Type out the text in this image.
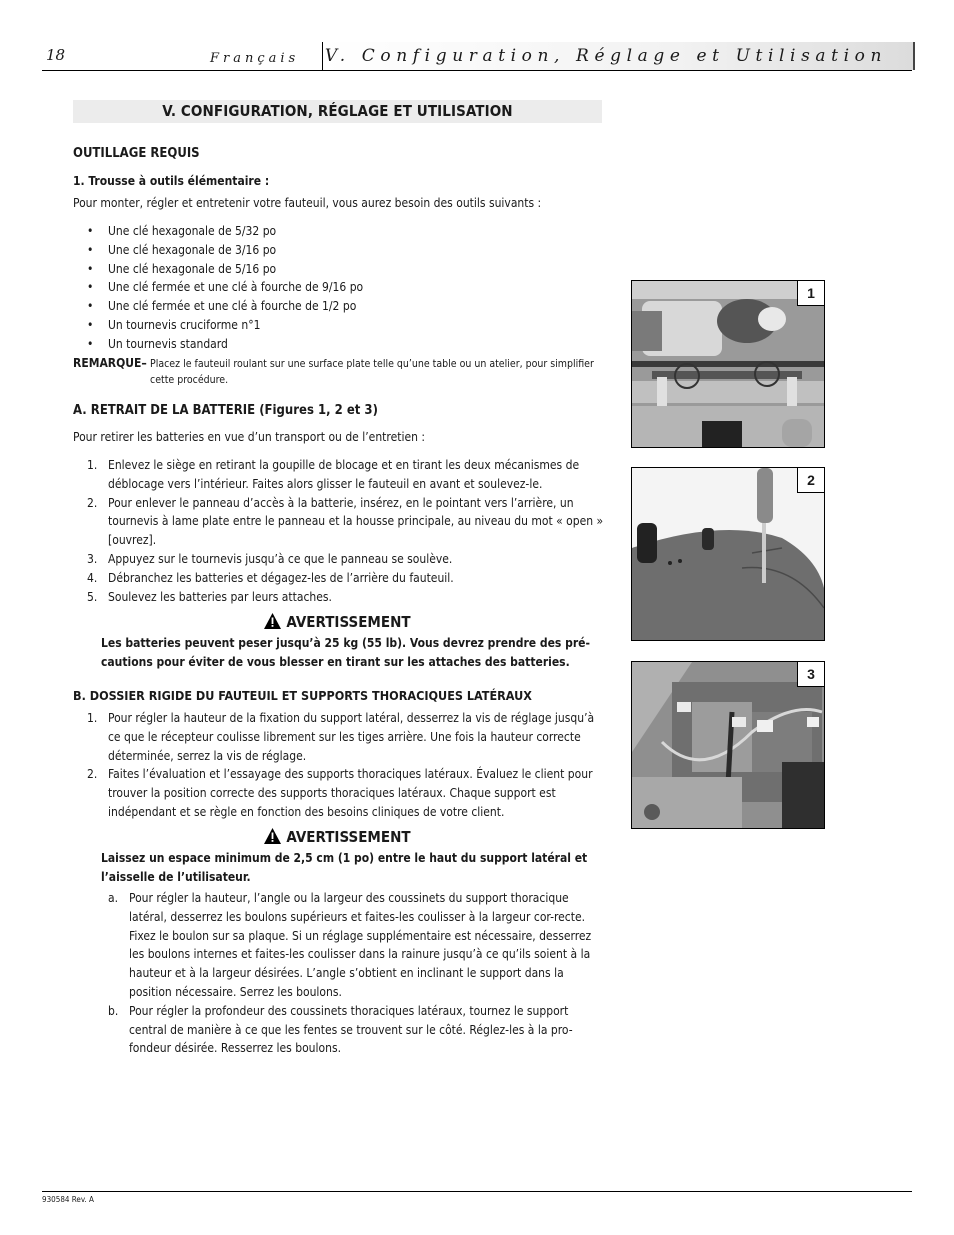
18	Français V. Configuration, Réglage et Utilisation
V. CONFIGURATION, RÉGLAGE ET UTILISATION
OUTILLAGE REQUIS
1. Trousse à outils élémentaire :
Pour monter, régler et entretenir votre fauteuil, vous aurez besoin des outils suivants :
• Une clé hexagonale de 5/32 po
• Une clé hexagonale de 3/16 po
• Une clé hexagonale de 5/16 po
• Une clé fermée et une clé à fourche de 9/16 po
• Une clé fermée et une clé à fourche de 1/2 po
• Un tournevis cruciforme n°1
• Un tournevis standard
REMARQUE– Placez le fauteuil roulant sur une surface plate telle qu’une table ou un atelier, pour simplifier cette procédure.
A. RETRAIT DE LA BATTERIE (Figures 1, 2 et 3)
Pour retirer les batteries en vue d’un transport ou de l’entretien :
1. Enlevez le siège en retirant la goupille de blocage et en tirant les deux mécanismes de déblocage vers l’intérieur. Faites alors glisser le fauteuil en avant et soulevez-le.
2. Pour enlever le panneau d’accès à la batterie, insérez, en le pointant vers l’arrière, un tournevis à lame plate entre le panneau et la housse principale, au niveau du mot « open » [ouvrez].
3. Appuyez sur le tournevis jusqu’à ce que le panneau se soulève.
4. Débranchez les batteries et dégagez-les de l’arrière du fauteuil.
5. Soulevez les batteries par leurs attaches.
AVERTISSEMENT
Les batteries peuvent peser jusqu’à 25 kg (55 lb). Vous devrez prendre des pré-cautions pour éviter de vous blesser en tirant sur les attaches des batteries.
B. DOSSIER RIGIDE DU FAUTEUIL ET SUPPORTS THORACIQUES LATÉRAUX
1. Pour régler la hauteur de la fixation du support latéral, desserrez la vis de réglage jusqu’à ce que le récepteur coulisse librement sur les tiges arrière. Une fois la hauteur correcte déterminée, serrez la vis de réglage.
2. Faites l’évaluation et l’essayage des supports thoraciques latéraux. Évaluez le client pour trouver la position correcte des supports thoraciques latéraux. Chaque support est indépendant et se règle en fonction des besoins cliniques de votre client.
AVERTISSEMENT
Laissez un espace minimum de 2,5 cm (1 po) entre le haut du support latéral et l’aisselle de l’utilisateur.
a. Pour régler la hauteur, l’angle ou la largeur des coussinets du support thoracique latéral, desserrez les boulons supérieurs et faites-les coulisser à la largeur cor-recte. Fixez le boulon sur sa plaque. Si un réglage supplémentaire est nécessaire, desserrez les boulons internes et faites-les coulisser dans la rainure jusqu’à ce qu’ils soient à la hauteur et à la largeur désirées. L’angle s’obtient en inclinant le support dans la position nécessaire. Serrez les boulons.
b. Pour régler la profondeur des coussinets thoraciques latéraux, tournez le support central de manière à ce que les fentes se trouvent sur le côté. Réglez-les à la pro-fondeur désirée. Resserrez les boulons.
1
2
3
930584 Rev. A
